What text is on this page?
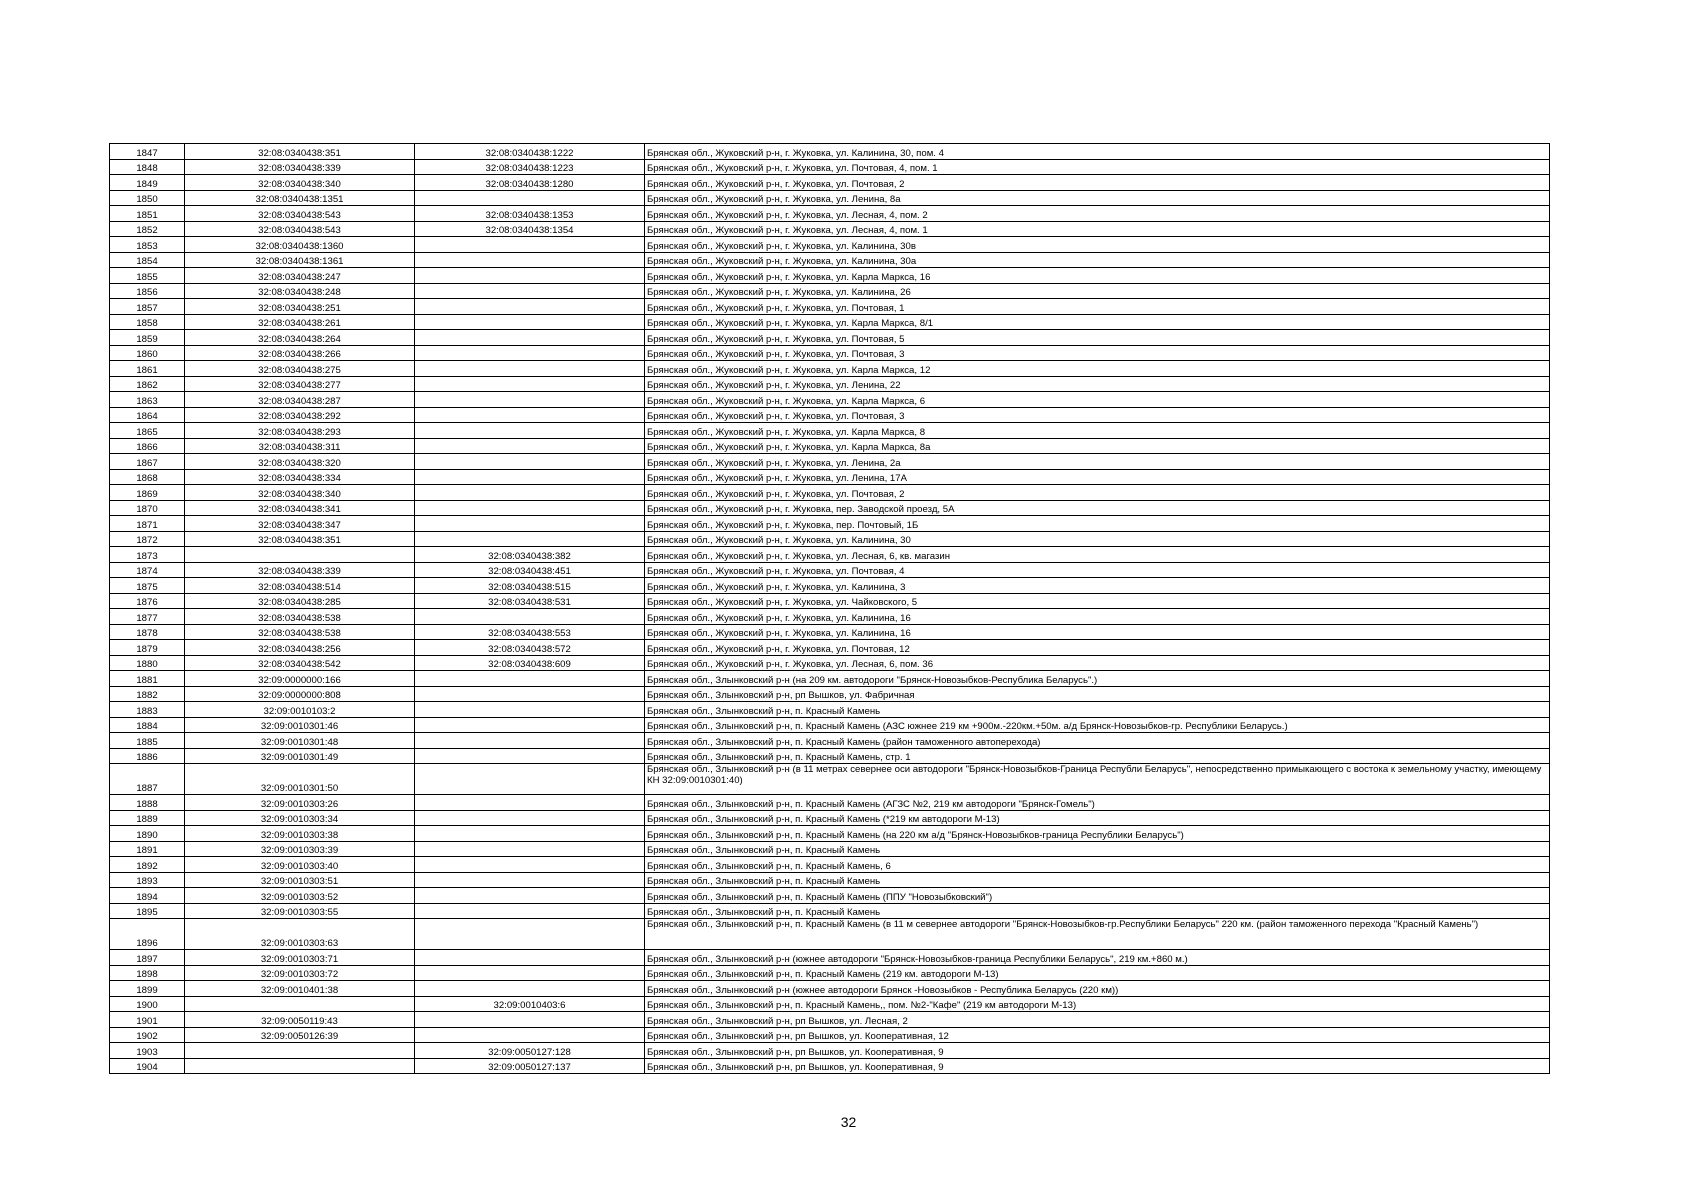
1847	32:08:0340438:351	32:08:0340438:1222	Брянская обл., Жуковский р-н, г. Жуковка, ул. Калинина, 30, пом. 4
1848	32:08:0340438:339	32:08:0340438:1223	Брянская обл., Жуковский р-н, г. Жуковка, ул. Почтовая, 4, пом. 1
1849	32:08:0340438:340	32:08:0340438:1280	Брянская обл., Жуковский р-н, г. Жуковка, ул. Почтовая, 2
1850	32:08:0340438:1351		Брянская обл., Жуковский р-н, г. Жуковка, ул. Ленина, 8а
1851	32:08:0340438:543	32:08:0340438:1353	Брянская обл., Жуковский р-н, г. Жуковка, ул. Лесная, 4, пом. 2
1852	32:08:0340438:543	32:08:0340438:1354	Брянская обл., Жуковский р-н, г. Жуковка, ул. Лесная, 4, пом. 1
1853	32:08:0340438:1360		Брянская обл., Жуковский р-н, г. Жуковка, ул. Калинина, 30в
1854	32:08:0340438:1361		Брянская обл., Жуковский р-н, г. Жуковка, ул. Калинина, 30а
1855	32:08:0340438:247		Брянская обл., Жуковский р-н, г. Жуковка, ул. Карла Маркса, 16
1856	32:08:0340438:248		Брянская обл., Жуковский р-н, г. Жуковка, ул. Калинина, 26
1857	32:08:0340438:251		Брянская обл., Жуковский р-н, г. Жуковка, ул. Почтовая, 1
1858	32:08:0340438:261		Брянская обл., Жуковский р-н, г. Жуковка, ул. Карла Маркса, 8/1
1859	32:08:0340438:264		Брянская обл., Жуковский р-н, г. Жуковка, ул. Почтовая, 5
1860	32:08:0340438:266		Брянская обл., Жуковский р-н, г. Жуковка, ул. Почтовая, 3
1861	32:08:0340438:275		Брянская обл., Жуковский р-н, г. Жуковка, ул. Карла Маркса, 12
1862	32:08:0340438:277		Брянская обл., Жуковский р-н, г. Жуковка, ул. Ленина, 22
1863	32:08:0340438:287		Брянская обл., Жуковский р-н, г. Жуковка, ул. Карла Маркса, 6
1864	32:08:0340438:292		Брянская обл., Жуковский р-н, г. Жуковка, ул. Почтовая, 3
1865	32:08:0340438:293		Брянская обл., Жуковский р-н, г. Жуковка, ул. Карла Маркса, 8
1866	32:08:0340438:311		Брянская обл., Жуковский р-н, г. Жуковка, ул. Карла Маркса, 8а
1867	32:08:0340438:320		Брянская обл., Жуковский р-н, г. Жуковка, ул. Ленина, 2а
1868	32:08:0340438:334		Брянская обл., Жуковский р-н, г. Жуковка, ул. Ленина, 17А
1869	32:08:0340438:340		Брянская обл., Жуковский р-н, г. Жуковка, ул. Почтовая, 2
1870	32:08:0340438:341		Брянская обл., Жуковский р-н, г. Жуковка, пер. Заводской проезд, 5А
1871	32:08:0340438:347		Брянская обл., Жуковский р-н, г. Жуковка, пер. Почтовый, 1Б
1872	32:08:0340438:351		Брянская обл., Жуковский р-н, г. Жуковка, ул. Калинина, 30
1873		32:08:0340438:382	Брянская обл., Жуковский р-н, г. Жуковка, ул. Лесная, 6, кв. магазин
1874	32:08:0340438:339	32:08:0340438:451	Брянская обл., Жуковский р-н, г. Жуковка, ул. Почтовая, 4
1875	32:08:0340438:514	32:08:0340438:515	Брянская обл., Жуковский р-н, г. Жуковка, ул. Калинина, 3
1876	32:08:0340438:285	32:08:0340438:531	Брянская обл., Жуковский р-н, г. Жуковка, ул. Чайковского, 5
1877	32:08:0340438:538		Брянская обл., Жуковский р-н, г. Жуковка, ул. Калинина, 16
1878	32:08:0340438:538	32:08:0340438:553	Брянская обл., Жуковский р-н, г. Жуковка, ул. Калинина, 16
1879	32:08:0340438:256	32:08:0340438:572	Брянская обл., Жуковский р-н, г. Жуковка, ул. Почтовая, 12
1880	32:08:0340438:542	32:08:0340438:609	Брянская обл., Жуковский р-н, г. Жуковка, ул. Лесная, 6, пом. 36
1881	32:09:0000000:166		Брянская обл., Злынковский р-н (на 209 км. автодороги "Брянск-Новозыбков-Республика Беларусь".)
1882	32:09:0000000:808		Брянская обл., Злынковский р-н, рп Вышков, ул. Фабричная
1883	32:09:0010103:2		Брянская обл., Злынковский р-н, п. Красный Камень
1884	32:09:0010301:46		Брянская обл., Злынковский р-н, п. Красный Камень (АЗС южнее 219 км +900м.-220км.+50м. а/д Брянск-Новозыбков-гр. Республики Беларусь.)
1885	32:09:0010301:48		Брянская обл., Злынковский р-н, п. Красный Камень (район таможенного автоперехода)
1886	32:09:0010301:49		Брянская обл., Злынковский р-н, п. Красный Камень, стр. 1
1887	32:09:0010301:50		Брянская обл., Злынковский р-н (в 11 метрах севернее оси автодороги "Брянск-Новозыбков-Граница Республи Беларусь", непосредственно примыкающего с востока к земельному участку, имеющему КН 32:09:0010301:40)
1888	32:09:0010303:26		Брянская обл., Злынковский р-н, п. Красный Камень (АГЗС №2, 219 км автодороги "Брянск-Гомель")
1889	32:09:0010303:34		Брянская обл., Злынковский р-н, п. Красный Камень (*219 км автодороги М-13)
1890	32:09:0010303:38		Брянская обл., Злынковский р-н, п. Красный Камень (на 220 км а/д "Брянск-Новозыбков-граница Республики Беларусь")
1891	32:09:0010303:39		Брянская обл., Злынковский р-н, п. Красный Камень
1892	32:09:0010303:40		Брянская обл., Злынковский р-н, п. Красный Камень, 6
1893	32:09:0010303:51		Брянская обл., Злынковский р-н, п. Красный Камень
1894	32:09:0010303:52		Брянская обл., Злынковский р-н, п. Красный Камень (ППУ "Новозыбковский")
1895	32:09:0010303:55		Брянская обл., Злынковский р-н, п. Красный Камень
1896	32:09:0010303:63		Брянская обл., Злынковский р-н, п. Красный Камень (в 11 м севернее автодороги "Брянск-Новозыбков-гр.Республики Беларусь" 220 км. (район таможенного перехода "Красный Камень")
1897	32:09:0010303:71		Брянская обл., Злынковский р-н (южнее автодороги "Брянск-Новозыбков-граница Республики Беларусь", 219 км.+860 м.)
1898	32:09:0010303:72		Брянская обл., Злынковский р-н, п. Красный Камень (219 км. автодороги М-13)
1899	32:09:0010401:38		Брянская обл., Злынковский р-н (южнее автодороги Брянск -Новозыбков - Республика Беларусь (220 км))
1900		32:09:0010403:6	Брянская обл., Злынковский р-н, п. Красный Камень,, пом. №2-"Кафе" (219 км автодороги М-13)
1901	32:09:0050119:43		Брянская обл., Злынковский р-н, рп Вышков, ул. Лесная, 2
1902	32:09:0050126:39		Брянская обл., Злынковский р-н, рп Вышков, ул. Кооперативная, 12
1903		32:09:0050127:128	Брянская обл., Злынковский р-н, рп Вышков, ул. Кооперативная, 9
1904		32:09:0050127:137	Брянская обл., Злынковский р-н, рп Вышков, ул. Кооперативная, 9
32
